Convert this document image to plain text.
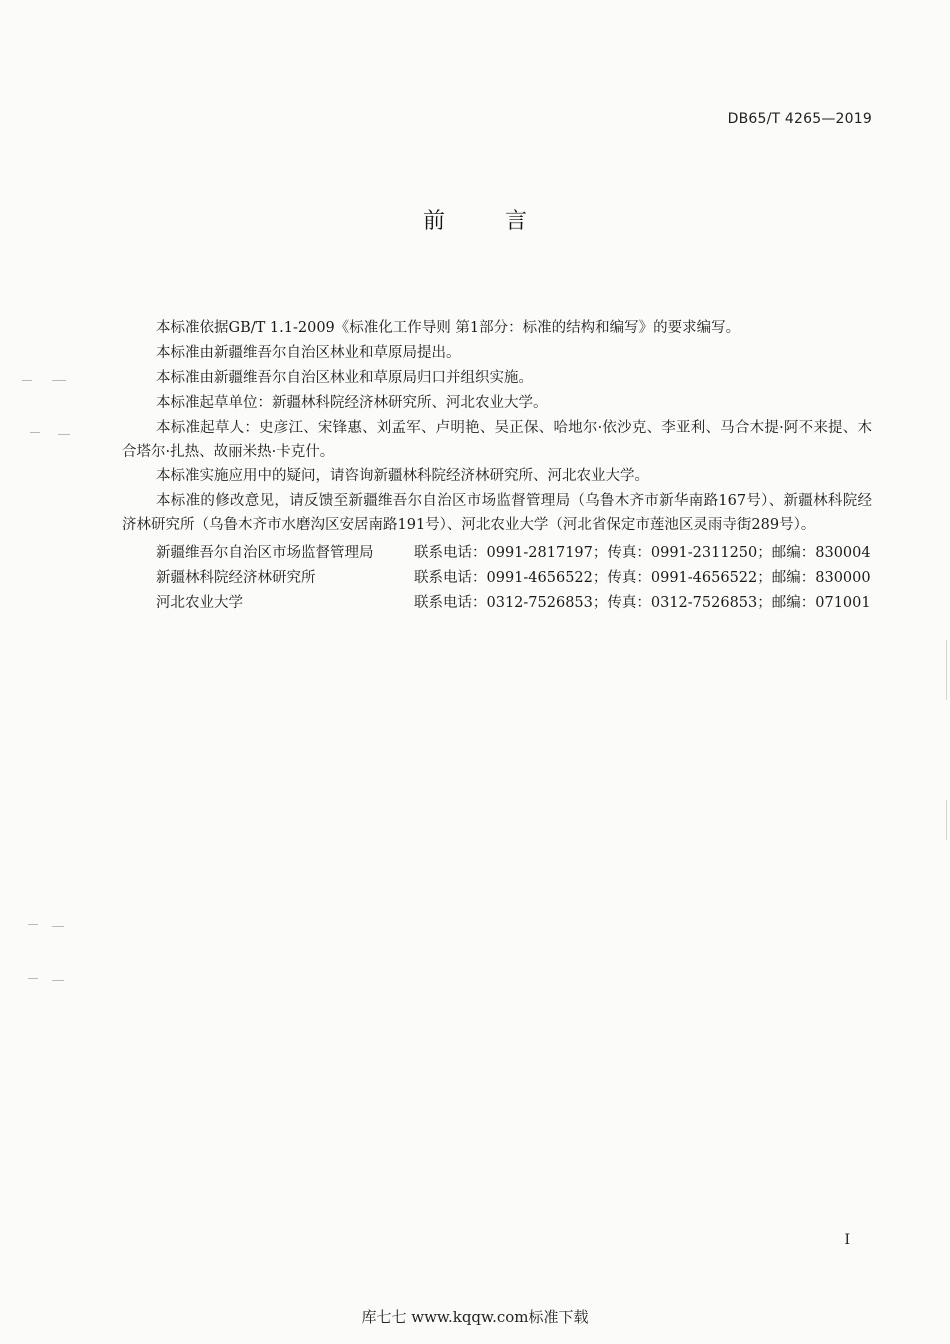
DB65/T 4265—2019
前言

本标准依据GB/T 1.1-2009《标准化工作导则 第1部分：标准的结构和编写》的要求编写。

本标准由新疆维吾尔自治区林业和草原局提出。

本标准由新疆维吾尔自治区林业和草原局归口并组织实施。

本标准起草单位：新疆林科院经济林研究所、河北农业大学。

本标准起草人：史彦江、宋锋惠、刘孟军、卢明艳、吴正保、哈地尔·依沙克、李亚利、马合木提·阿不来提、木合塔尔·扎热、故丽米热·卡克什。

本标准实施应用中的疑问，请咨询新疆林科院经济林研究所、河北农业大学。

本标准的修改意见，请反馈至新疆维吾尔自治区市场监督管理局（乌鲁木齐市新华南路167号）、新疆林科院经济林研究所（乌鲁木齐市水磨沟区安居南路191号）、河北农业大学（河北省保定市莲池区灵雨寺街289号）。

新疆维吾尔自治区市场监督管理局	联系电话：0991-2817197；传真：0991-2311250；邮编：830004
新疆林科院经济林研究所	联系电话：0991-4656522；传真：0991-4656522；邮编：830000
河北农业大学	联系电话：0312-7526853；传真：0312-7526853；邮编：071001
I
库七七 www.kqqw.com标准下载
